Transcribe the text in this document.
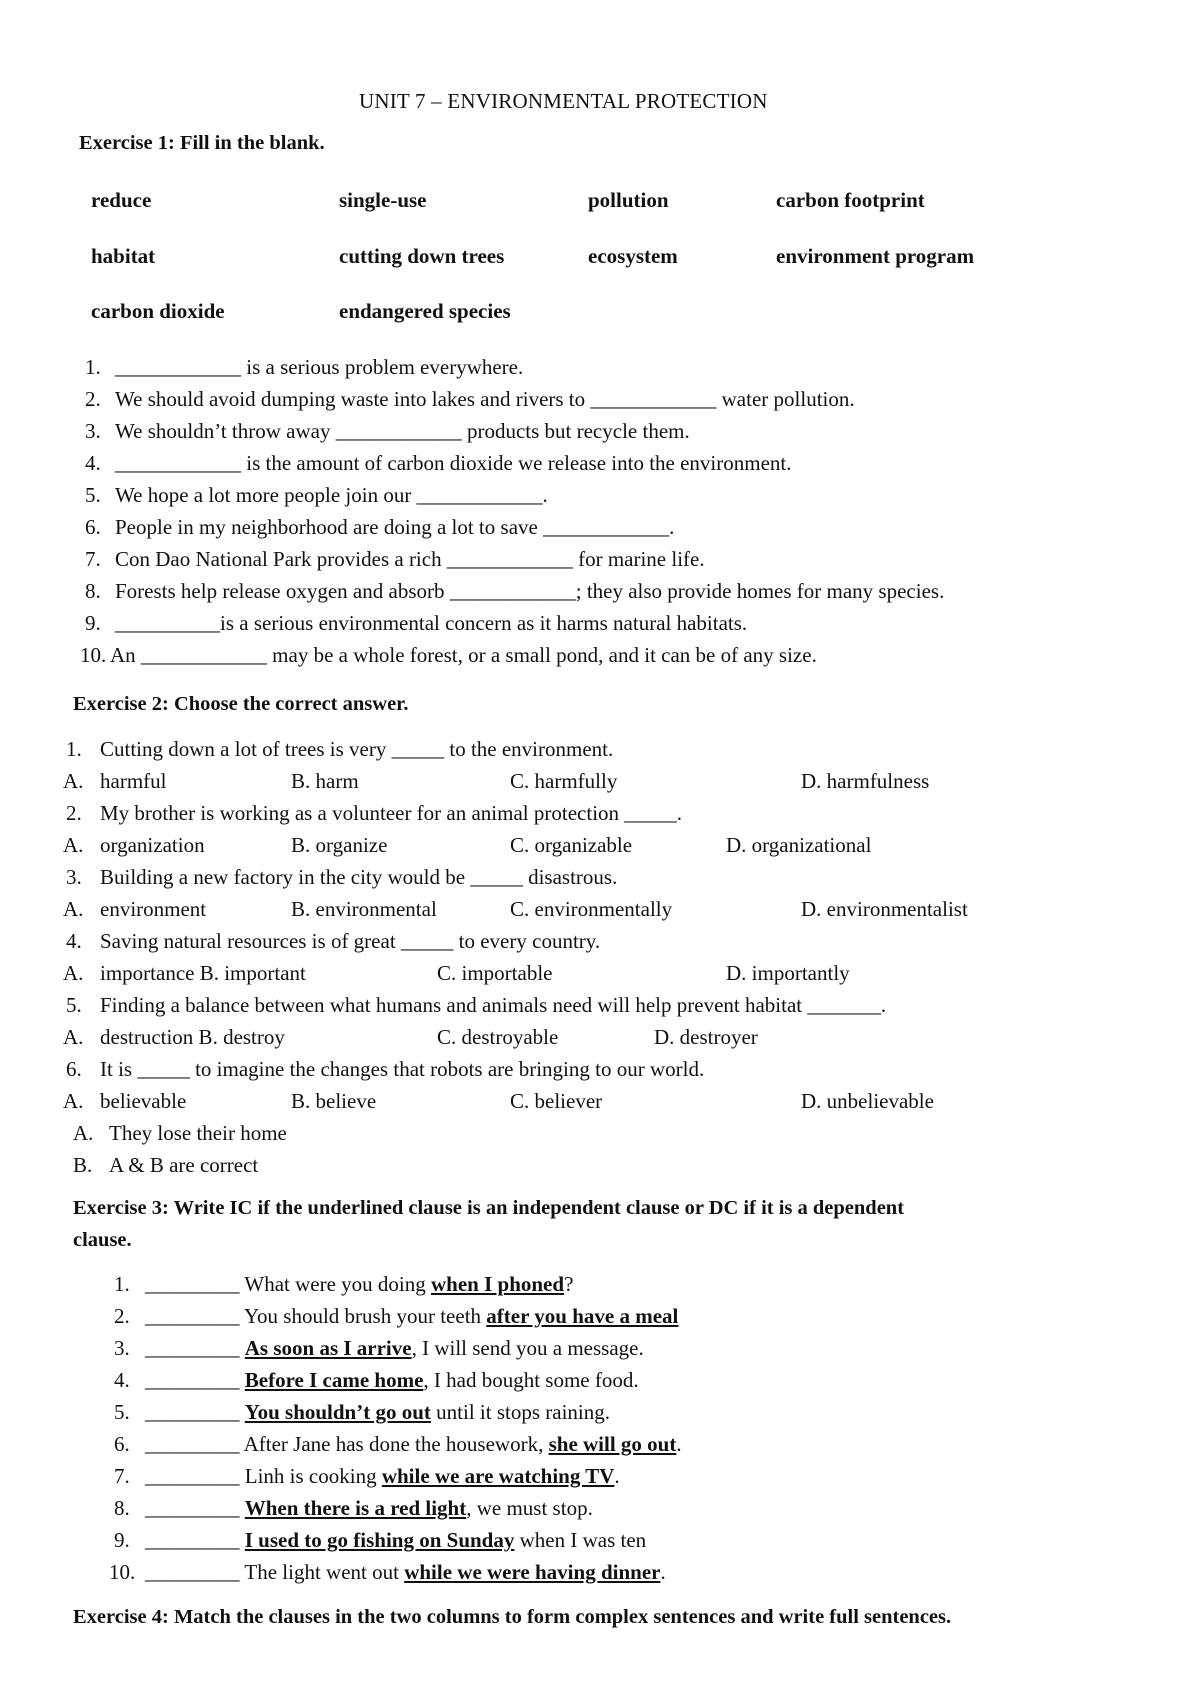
UNIT 7 – ENVIRONMENTAL PROTECTION
Exercise 1: Fill in the blank.
reduce	single-use	pollution	carbon footprint
habitat	cutting down trees	ecosystem	environment program
carbon dioxide	endangered species
1. ____________ is a serious problem everywhere.
2. We should avoid dumping waste into lakes and rivers to ____________ water pollution.
3. We shouldn’t throw away ____________ products but recycle them.
4. ____________ is the amount of carbon dioxide we release into the environment.
5. We hope a lot more people join our ____________.
6. People in my neighborhood are doing a lot to save ____________.
7. Con Dao National Park provides a rich ____________ for marine life.
8. Forests help release oxygen and absorb ____________; they also provide homes for many species.
9. __________is a serious environmental concern as it harms natural habitats.
10. An ____________ may be a whole forest, or a small pond, and it can be of any size.
Exercise 2: Choose the correct answer.
1. Cutting down a lot of trees is very _____ to the environment.
A. harmful	B. harm	C. harmfully	D. harmfulness
2. My brother is working as a volunteer for an animal protection _____.
A. organization	B. organize	C. organizable	D. organizational
3. Building a new factory in the city would be _____ disastrous.
A. environment	B. environmental	C. environmentally	D. environmentalist
4. Saving natural resources is of great _____ to every country.
A. importance B. important	C. importable	D. importantly
5. Finding a balance between what humans and animals need will help prevent habitat _______.
A. destruction B. destroy	C. destroyable	D. destroyer
6. It is _____ to imagine the changes that robots are bringing to our world.
A. believable	B. believe	C. believer	D. unbelievable
A. They lose their home
B. A & B are correct
Exercise 3: Write IC if the underlined clause is an independent clause or DC if it is a dependent
clause.
1. _________ What were you doing when I phoned?
2. _________ You should brush your teeth after you have a meal
3. _________ As soon as I arrive, I will send you a message.
4. _________ Before I came home, I had bought some food.
5. _________ You shouldn’t go out until it stops raining.
6. _________ After Jane has done the housework, she will go out.
7. _________ Linh is cooking while we are watching TV.
8. _________ When there is a red light, we must stop.
9. _________ I used to go fishing on Sunday when I was ten
10. _________ The light went out while we were having dinner.
Exercise 4: Match the clauses in the two columns to form complex sentences and write full sentences.
